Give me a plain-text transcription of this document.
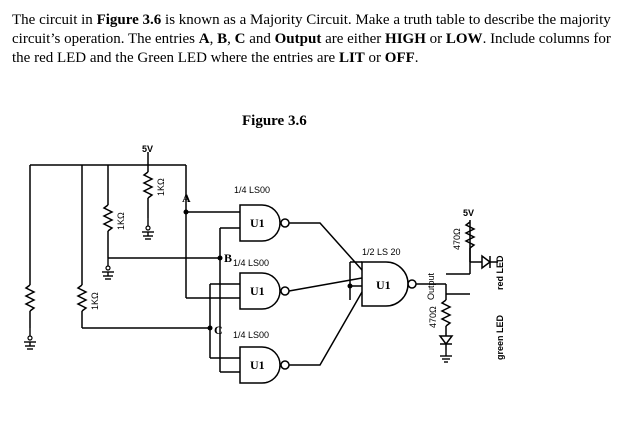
The circuit in Figure 3.6 is known as a Majority Circuit. Make a truth table to describe the majority circuit’s operation. The entries A, B, C and Output are either HIGH or LOW. Include columns for the red LED and the Green LED where the entries are LIT or OFF.

Figure 3.6
5V
5V
1/4 LS00
1/4 LS00
1/4 LS00
1/2 LS 20
Output	red LED
green LED
470Ω
470Ω
1KΩ
1KΩ
1KΩ
A
B
C
U1
U1
U1
U1
